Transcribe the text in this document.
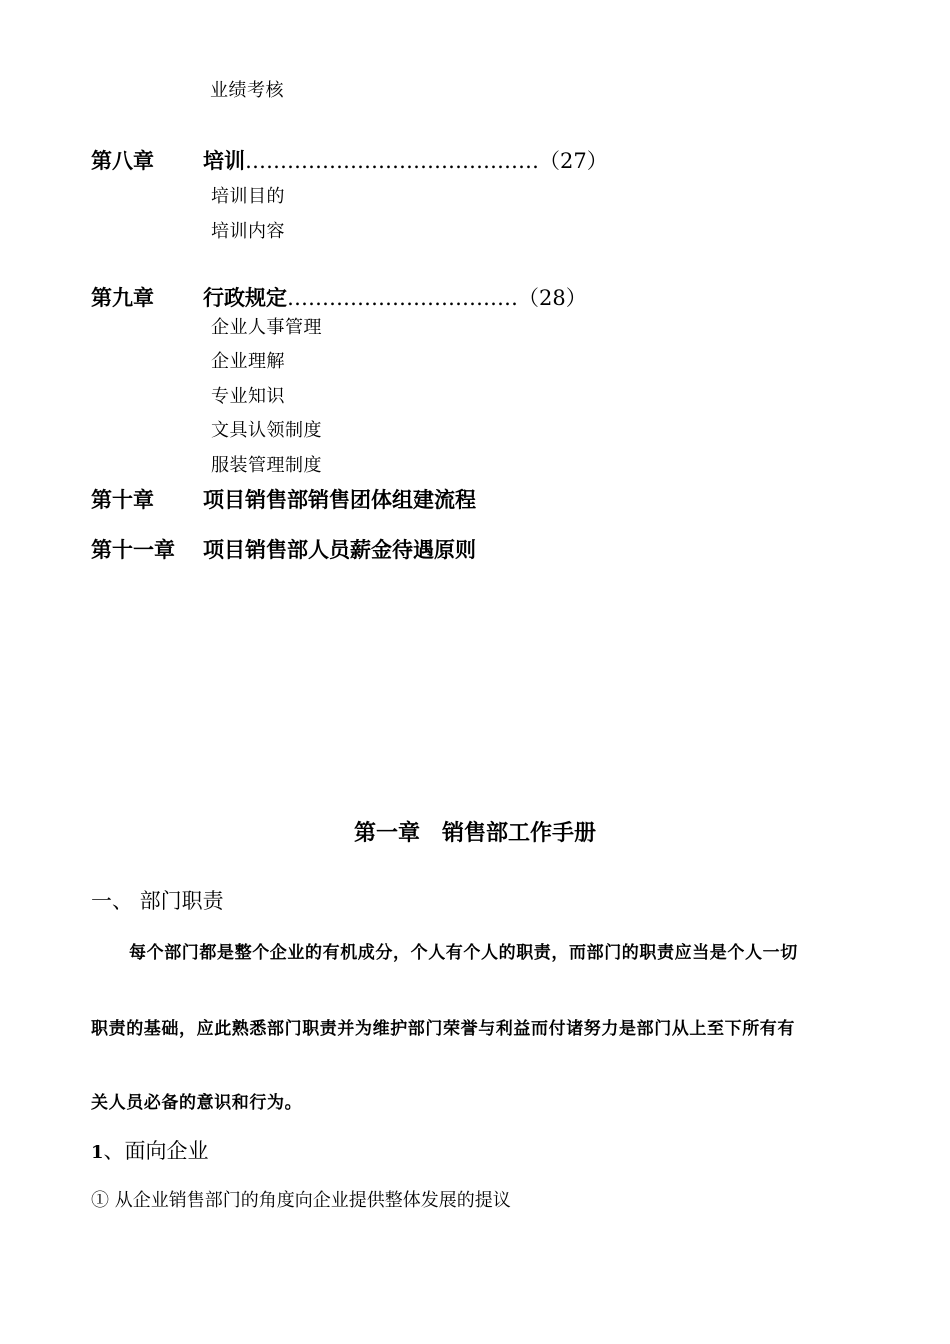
业绩考核
第八章 培训……………………………………（27）
培训目的
培训内容
第九章 行政规定……………………………（28）
企业人事管理
企业理解
专业知识
文具认领制度
服装管理制度
第十章 项目销售部销售团体组建流程
第十一章 项目销售部人员薪金待遇原则
第一章　销售部工作手册
一、 部门职责
每个部门都是整个企业的有机成分，个人有个人的职责，而部门的职责应当是个人一切
职责的基础，应此熟悉部门职责并为维护部门荣誉与利益而付诸努力是部门从上至下所有有
关人员必备的意识和行为。
1、面向企业
① 从企业销售部门的角度向企业提供整体发展的提议
